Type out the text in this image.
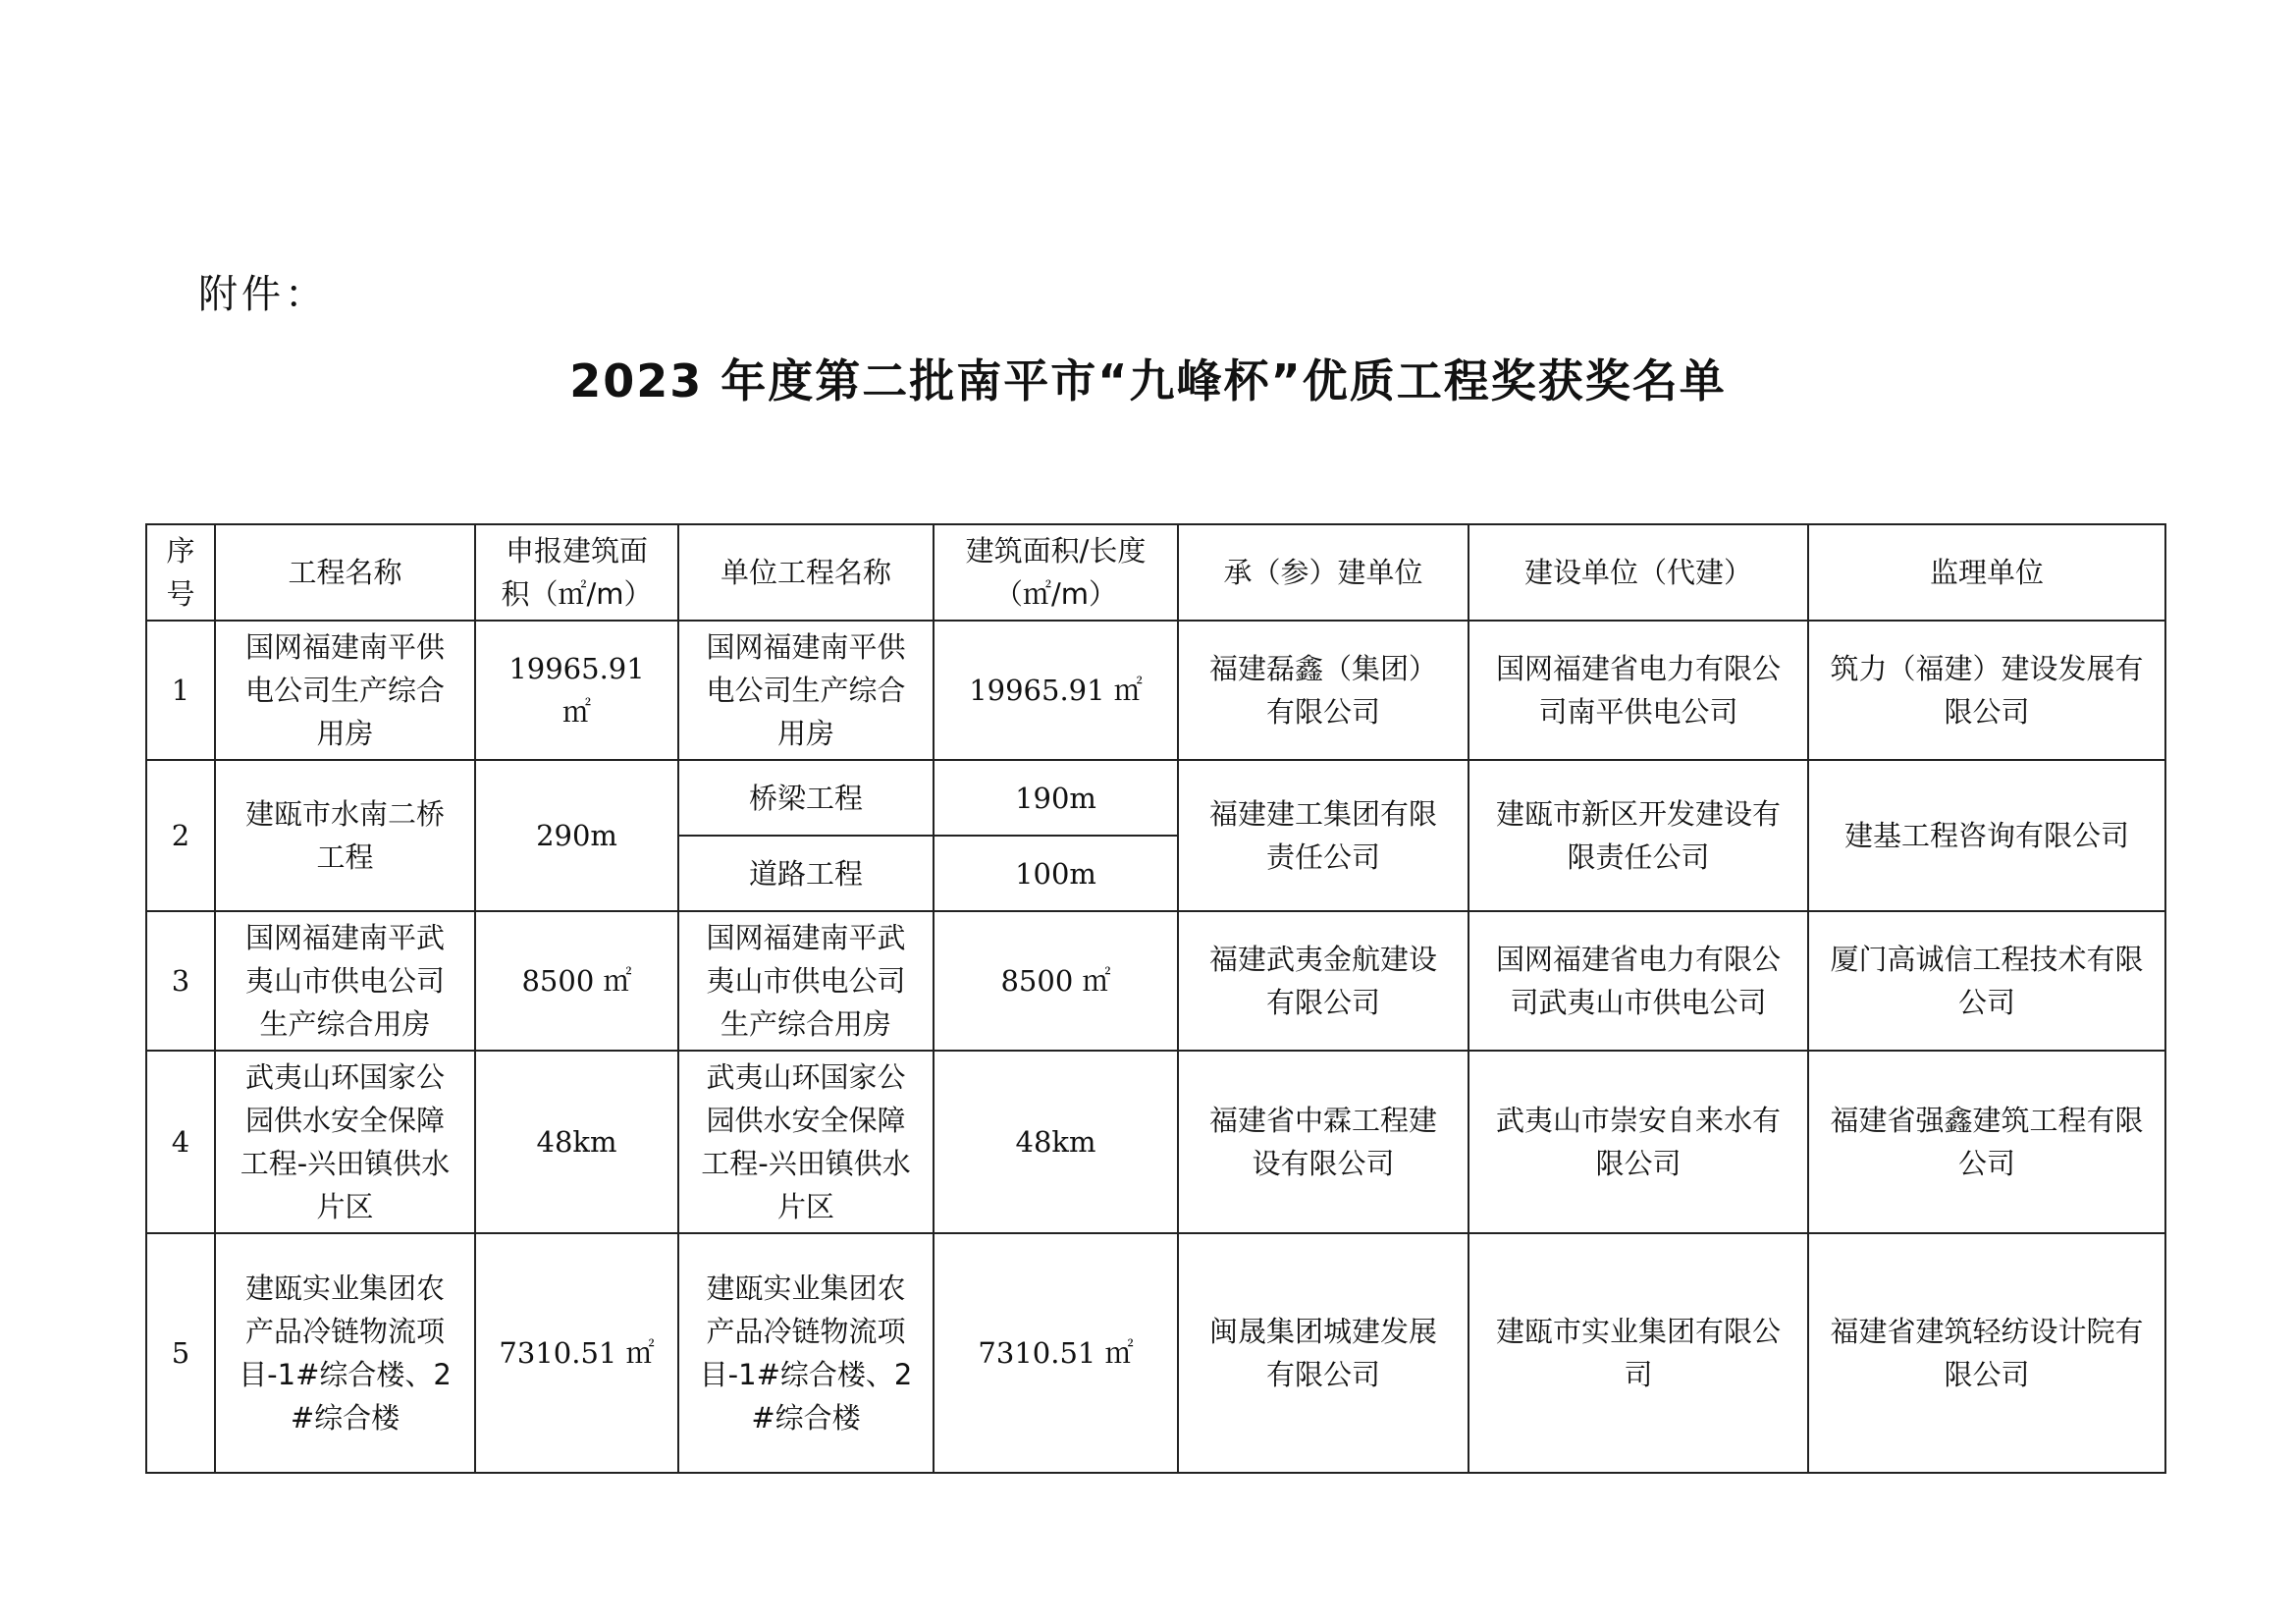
附件：
2023 年度第二批南平市“九峰杯”优质工程奖获奖名单
序号	工程名称	申报建筑面积（㎡/m）	单位工程名称	建筑面积/长度（㎡/m）	承（参）建单位	建设单位（代建）	监理单位
1	国网福建南平供电公司生产综合用房	19965.91 ㎡	国网福建南平供电公司生产综合用房	19965.91 ㎡	福建磊鑫（集团）有限公司	国网福建省电力有限公司南平供电公司	筑力（福建）建设发展有限公司
2	建瓯市水南二桥工程	290m	桥梁工程	190m	福建建工集团有限责任公司	建瓯市新区开发建设有限责任公司	建基工程咨询有限公司
			道路工程	100m			
3	国网福建南平武夷山市供电公司生产综合用房	8500 ㎡	国网福建南平武夷山市供电公司生产综合用房	8500 ㎡	福建武夷金航建设有限公司	国网福建省电力有限公司武夷山市供电公司	厦门高诚信工程技术有限公司
4	武夷山环国家公园供水安全保障工程-兴田镇供水片区	48km	武夷山环国家公园供水安全保障工程-兴田镇供水片区	48km	福建省中霖工程建设有限公司	武夷山市崇安自来水有限公司	福建省强鑫建筑工程有限公司
5	建瓯实业集团农产品冷链物流项目-1#综合楼、2#综合楼	7310.51 ㎡	建瓯实业集团农产品冷链物流项目-1#综合楼、2#综合楼	7310.51 ㎡	闽晟集团城建发展有限公司	建瓯市实业集团有限公司	福建省建筑轻纺设计院有限公司
